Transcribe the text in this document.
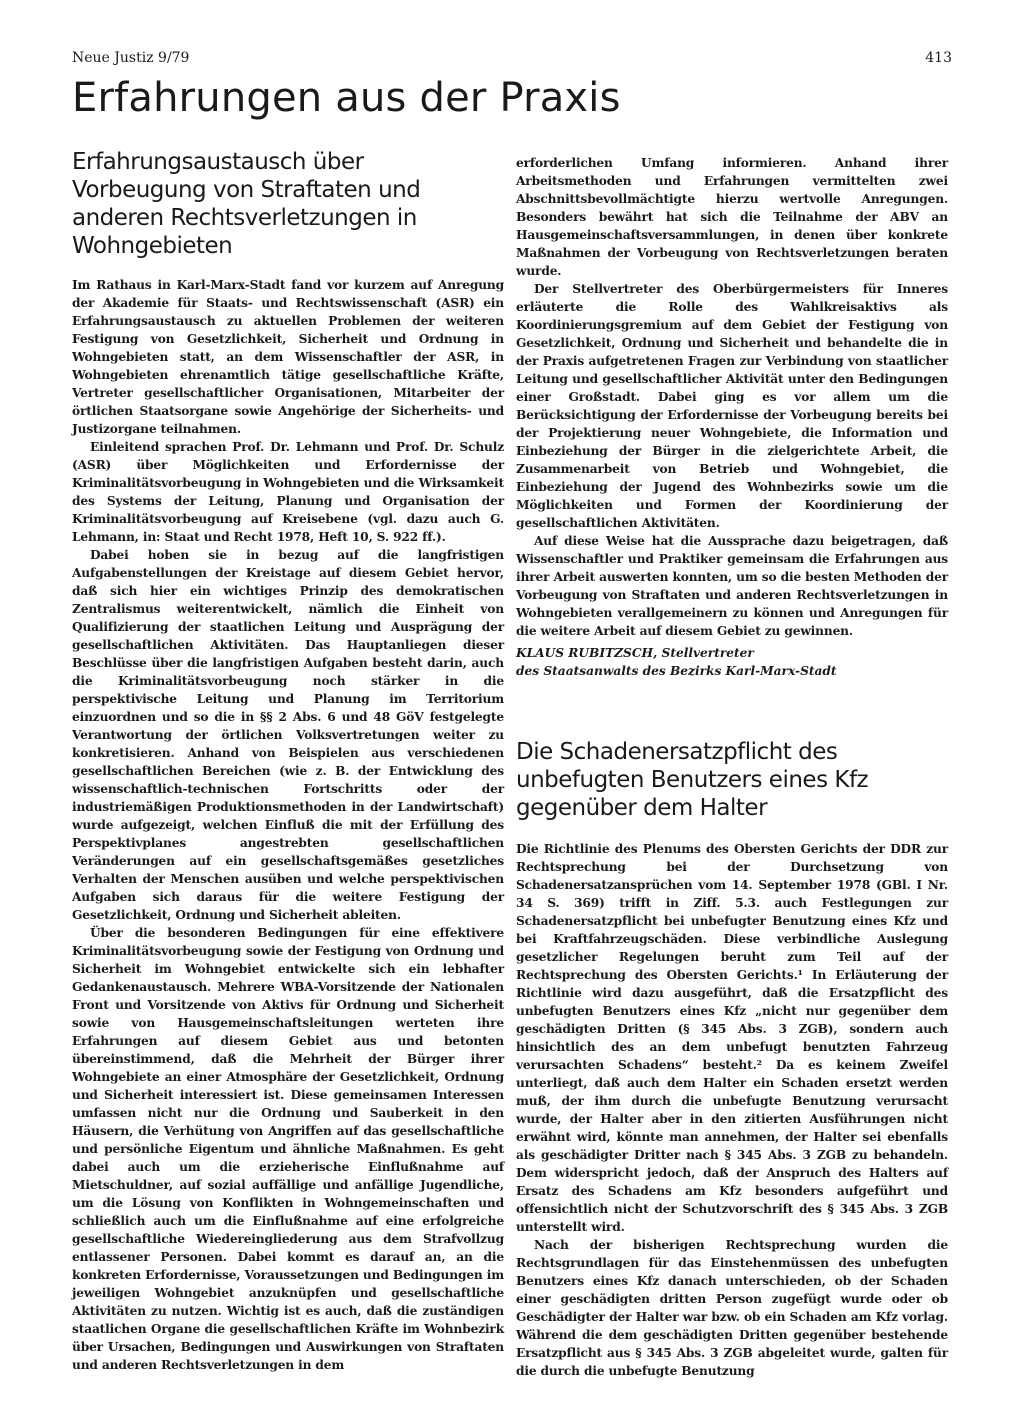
Neue Justiz 9/79	413
Erfahrungen aus der Praxis
Erfahrungsaustausch über Vorbeugung von Straftaten und anderen Rechtsverletzungen in Wohngebieten

Im Rathaus in Karl-Marx-Stadt fand vor kurzem auf Anregung der Akademie für Staats- und Rechtswissenschaft (ASR) ein Erfahrungsaustausch zu aktuellen Problemen der weiteren Festigung von Gesetzlichkeit, Sicherheit und Ordnung in Wohngebieten statt, an dem Wissenschaftler der ASR, in Wohngebieten ehrenamtlich tätige gesellschaftliche Kräfte, Vertreter gesellschaftlicher Organisationen, Mitarbeiter der örtlichen Staatsorgane sowie Angehörige der Sicherheits- und Justizorgane teilnahmen.

Einleitend sprachen Prof. Dr. Lehmann und Prof. Dr. Schulz (ASR) über Möglichkeiten und Erfordernisse der Kriminalitätsvorbeugung in Wohngebieten und die Wirksamkeit des Systems der Leitung, Planung und Organisation der Kriminalitätsvorbeugung auf Kreisebene (vgl. dazu auch G. Lehmann, in: Staat und Recht 1978, Heft 10, S. 922 ff.).

Dabei hoben sie in bezug auf die langfristigen Aufgabenstellungen der Kreistage auf diesem Gebiet hervor, daß sich hier ein wichtiges Prinzip des demokratischen Zentralismus weiterentwickelt, nämlich die Einheit von Qualifizierung der staatlichen Leitung und Ausprägung der gesellschaftlichen Aktivitäten. Das Hauptanliegen dieser Beschlüsse über die langfristigen Aufgaben besteht darin, auch die Kriminalitätsvorbeugung noch stärker in die perspektivische Leitung und Planung im Territorium einzuordnen und so die in §§ 2 Abs. 6 und 48 GöV festgelegte Verantwortung der örtlichen Volksvertretungen weiter zu konkretisieren. Anhand von Beispielen aus verschiedenen gesellschaftlichen Bereichen (wie z. B. der Entwicklung des wissenschaftlich-technischen Fortschritts oder der industriemäßigen Produktionsmethoden in der Landwirtschaft) wurde aufgezeigt, welchen Einfluß die mit der Erfüllung des Perspektivplanes angestrebten gesellschaftlichen Veränderungen auf ein gesellschaftsgemäßes gesetzliches Verhalten der Menschen ausüben und welche perspektivischen Aufgaben sich daraus für die weitere Festigung der Gesetzlichkeit, Ordnung und Sicherheit ableiten.

Über die besonderen Bedingungen für eine effektivere Kriminalitätsvorbeugung sowie der Festigung von Ordnung und Sicherheit im Wohngebiet entwickelte sich ein lebhafter Gedankenaustausch. Mehrere WBA-Vorsitzende der Nationalen Front und Vorsitzende von Aktivs für Ordnung und Sicherheit sowie von Hausgemeinschaftsleitungen werteten ihre Erfahrungen auf diesem Gebiet aus und betonten übereinstimmend, daß die Mehrheit der Bürger ihrer Wohngebiete an einer Atmosphäre der Gesetzlichkeit, Ordnung und Sicherheit interessiert ist. Diese gemeinsamen Interessen umfassen nicht nur die Ordnung und Sauberkeit in den Häusern, die Verhütung von Angriffen auf das gesellschaftliche und persönliche Eigentum und ähnliche Maßnahmen. Es geht dabei auch um die erzieherische Einflußnahme auf Mietschuldner, auf sozial auffällige und anfällige Jugendliche, um die Lösung von Konflikten in Wohngemeinschaften und schließlich auch um die Einflußnahme auf eine erfolgreiche gesellschaftliche Wiedereingliederung aus dem Strafvollzug entlassener Personen. Dabei kommt es darauf an, an die konkreten Erfordernisse, Voraussetzungen und Bedingungen im jeweiligen Wohngebiet anzuknüpfen und gesellschaftliche Aktivitäten zu nutzen. Wichtig ist es auch, daß die zuständigen staatlichen Organe die gesellschaftlichen Kräfte im Wohnbezirk über Ursachen, Bedingungen und Auswirkungen von Straftaten und anderen Rechtsverletzungen in dem

erforderlichen Umfang informieren. Anhand ihrer Arbeitsmethoden und Erfahrungen vermittelten zwei Abschnittsbevollmächtigte hierzu wertvolle Anregungen. Besonders bewährt hat sich die Teilnahme der ABV an Hausgemeinschaftsversammlungen, in denen über konkrete Maßnahmen der Vorbeugung von Rechtsverletzungen beraten wurde.

Der Stellvertreter des Oberbürgermeisters für Inneres erläuterte die Rolle des Wahlkreisaktivs als Koordinierungsgremium auf dem Gebiet der Festigung von Gesetzlichkeit, Ordnung und Sicherheit und behandelte die in der Praxis aufgetretenen Fragen zur Verbindung von staatlicher Leitung und gesellschaftlicher Aktivität unter den Bedingungen einer Großstadt. Dabei ging es vor allem um die Berücksichtigung der Erfordernisse der Vorbeugung bereits bei der Projektierung neuer Wohngebiete, die Information und Einbeziehung der Bürger in die zielgerichtete Arbeit, die Zusammenarbeit von Betrieb und Wohngebiet, die Einbeziehung der Jugend des Wohnbezirks sowie um die Möglichkeiten und Formen der Koordinierung der gesellschaftlichen Aktivitäten.

Auf diese Weise hat die Aussprache dazu beigetragen, daß Wissenschaftler und Praktiker gemeinsam die Erfahrungen aus ihrer Arbeit auswerten konnten, um so die besten Methoden der Vorbeugung von Straftaten und anderen Rechtsverletzungen in Wohngebieten verallgemeinern zu können und Anregungen für die weitere Arbeit auf diesem Gebiet zu gewinnen.

KLAUS RUBITZSCH, Stellvertreter
des Staatsanwalts des Bezirks Karl-Marx-Stadt
Die Schadenersatzpflicht des unbefugten Benutzers eines Kfz gegenüber dem Halter

Die Richtlinie des Plenums des Obersten Gerichts der DDR zur Rechtsprechung bei der Durchsetzung von Schadenersatzansprüchen vom 14. September 1978 (GBl. I Nr. 34 S. 369) trifft in Ziff. 5.3. auch Festlegungen zur Schadenersatzpflicht bei unbefugter Benutzung eines Kfz und bei Kraftfahrzeugschäden. Diese verbindliche Auslegung gesetzlicher Regelungen beruht zum Teil auf der Rechtsprechung des Obersten Gerichts.¹ In Erläuterung der Richtlinie wird dazu ausgeführt, daß die Ersatzpflicht des unbefugten Benutzers eines Kfz „nicht nur gegenüber dem geschädigten Dritten (§ 345 Abs. 3 ZGB), sondern auch hinsichtlich des an dem unbefugt benutzten Fahrzeug verursachten Schadens“ besteht.² Da es keinem Zweifel unterliegt, daß auch dem Halter ein Schaden ersetzt werden muß, der ihm durch die unbefugte Benutzung verursacht wurde, der Halter aber in den zitierten Ausführungen nicht erwähnt wird, könnte man annehmen, der Halter sei ebenfalls als geschädigter Dritter nach § 345 Abs. 3 ZGB zu behandeln. Dem widerspricht jedoch, daß der Anspruch des Halters auf Ersatz des Schadens am Kfz besonders aufgeführt und offensichtlich nicht der Schutzvorschrift des § 345 Abs. 3 ZGB unterstellt wird.

Nach der bisherigen Rechtsprechung wurden die Rechtsgrundlagen für das Einstehenmüssen des unbefugten Benutzers eines Kfz danach unterschieden, ob der Schaden einer geschädigten dritten Person zugefügt wurde oder ob Geschädigter der Halter war bzw. ob ein Schaden am Kfz vorlag. Während die dem geschädigten Dritten gegenüber bestehende Ersatzpflicht aus § 345 Abs. 3 ZGB abgeleitet wurde, galten für die durch die unbefugte Benutzung
